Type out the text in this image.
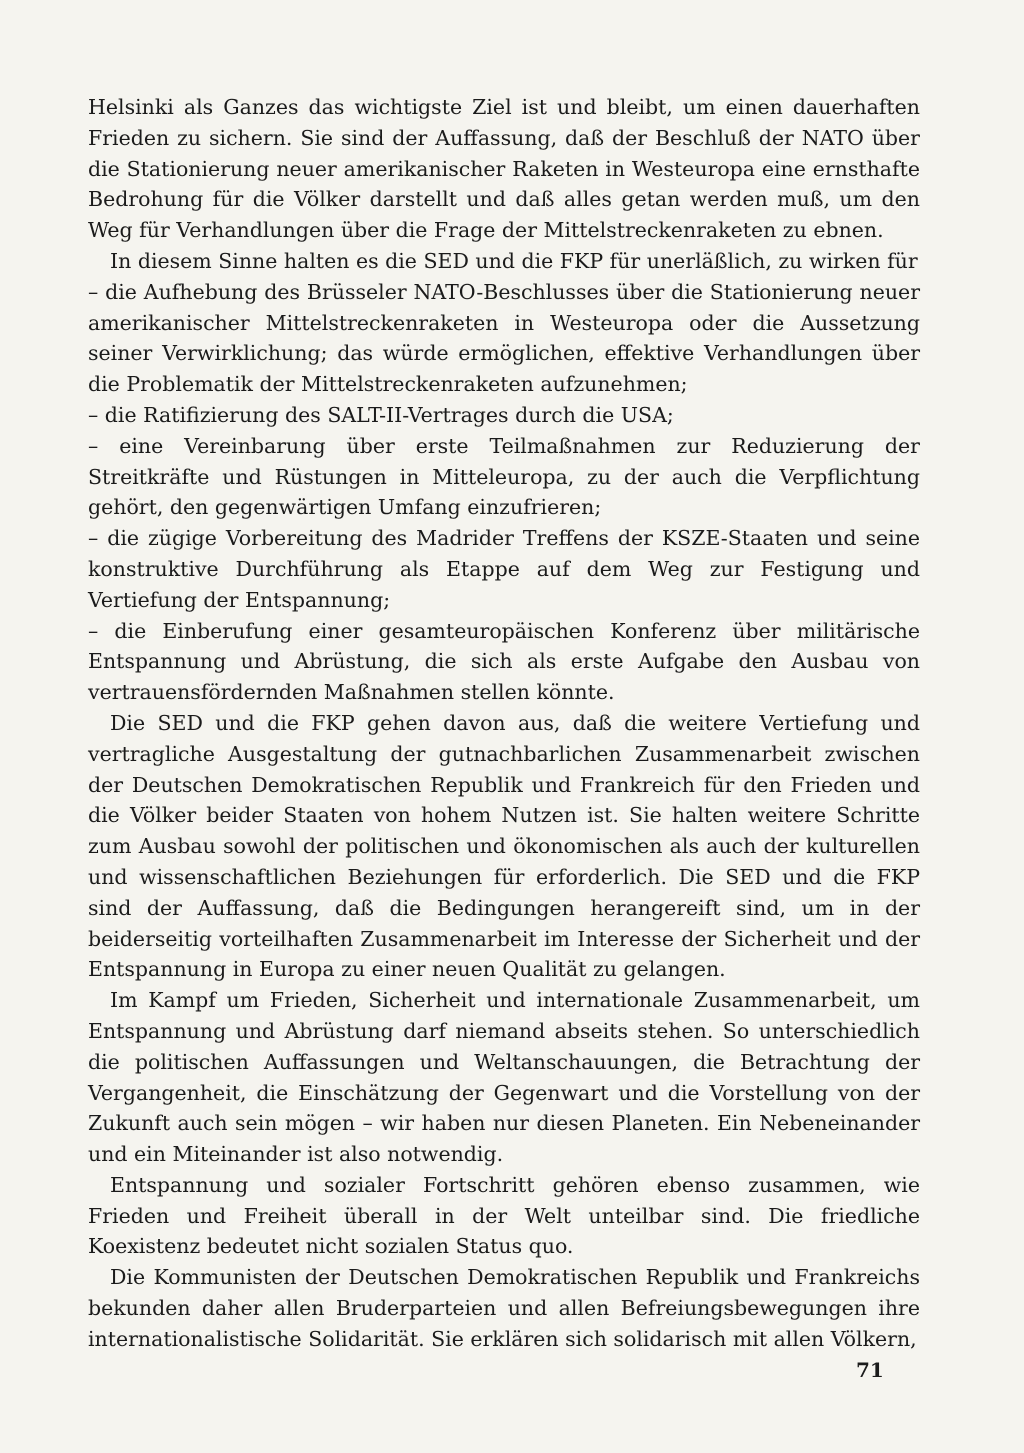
Helsinki als Ganzes das wichtigste Ziel ist und bleibt, um einen dauerhaften Frieden zu sichern. Sie sind der Auffassung, daß der Beschluß der NATO über die Stationierung neuer amerikanischer Raketen in Westeuropa eine ernsthafte Bedrohung für die Völker darstellt und daß alles getan werden muß, um den Weg für Verhandlungen über die Frage der Mittelstreckenraketen zu ebnen.

In diesem Sinne halten es die SED und die FKP für unerläßlich, zu wirken für

– die Aufhebung des Brüsseler NATO-Beschlusses über die Stationierung neuer amerikanischer Mittelstreckenraketen in Westeuropa oder die Aussetzung seiner Verwirklichung; das würde ermöglichen, effektive Verhandlungen über die Problematik der Mittelstreckenraketen aufzunehmen;

– die Ratifizierung des SALT-II-Vertrages durch die USA;

– eine Vereinbarung über erste Teilmaßnahmen zur Reduzierung der Streitkräfte und Rüstungen in Mitteleuropa, zu der auch die Verpflichtung gehört, den gegenwärtigen Umfang einzufrieren;

– die zügige Vorbereitung des Madrider Treffens der KSZE-Staaten und seine konstruktive Durchführung als Etappe auf dem Weg zur Festigung und Vertiefung der Entspannung;

– die Einberufung einer gesamteuropäischen Konferenz über militärische Entspannung und Abrüstung, die sich als erste Aufgabe den Ausbau von vertrauensfördernden Maßnahmen stellen könnte.

Die SED und die FKP gehen davon aus, daß die weitere Vertiefung und vertragliche Ausgestaltung der gutnachbarlichen Zusammenarbeit zwischen der Deutschen Demokratischen Republik und Frankreich für den Frieden und die Völker beider Staaten von hohem Nutzen ist. Sie halten weitere Schritte zum Ausbau sowohl der politischen und ökonomischen als auch der kulturellen und wissenschaftlichen Beziehungen für erforderlich. Die SED und die FKP sind der Auffassung, daß die Bedingungen herangereift sind, um in der beiderseitig vorteilhaften Zusammenarbeit im Interesse der Sicherheit und der Entspannung in Europa zu einer neuen Qualität zu gelangen.

Im Kampf um Frieden, Sicherheit und internationale Zusammenarbeit, um Entspannung und Abrüstung darf niemand abseits stehen. So unterschiedlich die politischen Auffassungen und Weltanschauungen, die Betrachtung der Vergangenheit, die Einschätzung der Gegenwart und die Vorstellung von der Zukunft auch sein mögen – wir haben nur diesen Planeten. Ein Nebeneinander und ein Miteinander ist also notwendig.

Entspannung und sozialer Fortschritt gehören ebenso zusammen, wie Frieden und Freiheit überall in der Welt unteilbar sind. Die friedliche Koexistenz bedeutet nicht sozialen Status quo.

Die Kommunisten der Deutschen Demokratischen Republik und Frankreichs bekunden daher allen Bruderparteien und allen Befreiungsbewegungen ihre internationalistische Solidarität. Sie erklären sich solidarisch mit allen Völkern,

71
